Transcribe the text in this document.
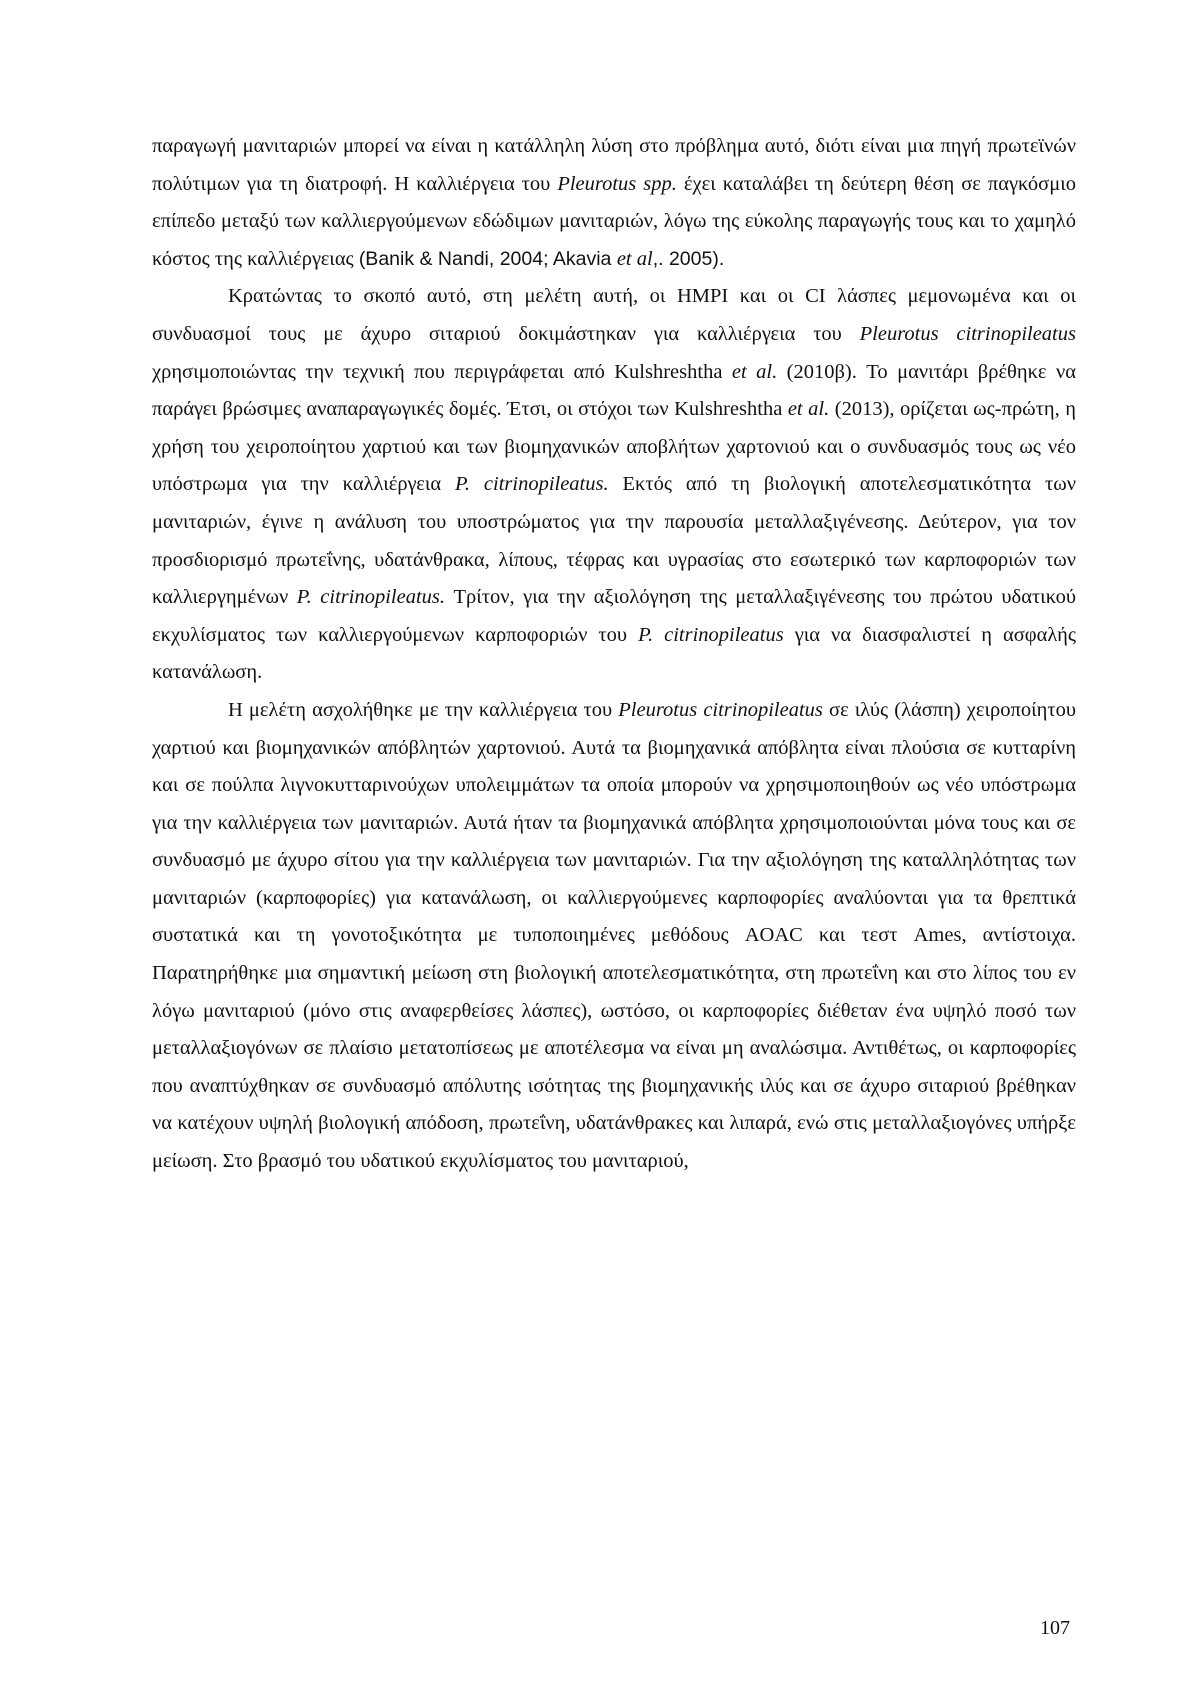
παραγωγή μανιταριών μπορεί να είναι η κατάλληλη λύση στο πρόβλημα αυτό, διότι είναι μια πηγή πρωτεϊνών πολύτιμων για τη διατροφή. Η καλλιέργεια του Pleurotus spp. έχει καταλάβει τη δεύτερη θέση σε παγκόσμιο επίπεδο μεταξύ των καλλιεργούμενων εδώδιμων μανιταριών, λόγω της εύκολης παραγωγής τους και το χαμηλό κόστος της καλλιέργειας (Banik & Nandi, 2004; Akavia et al,. 2005).

Κρατώντας το σκοπό αυτό, στη μελέτη αυτή, οι HMPI και οι CI λάσπες μεμονωμένα και οι συνδυασμοί τους με άχυρο σιταριού δοκιμάστηκαν για καλλιέργεια του Pleurotus citrinopileatus χρησιμοποιώντας την τεχνική που περιγράφεται από Kulshreshtha et al. (2010β). Το μανιτάρι βρέθηκε να παράγει βρώσιμες αναπαραγωγικές δομές. Έτσι, οι στόχοι των Kulshreshtha et al. (2013), ορίζεται ως-πρώτη, η χρήση του χειροποίητου χαρτιού και των βιομηχανικών αποβλήτων χαρτονιού και ο συνδυασμός τους ως νέο υπόστρωμα για την καλλιέργεια P. citrinopileatus. Εκτός από τη βιολογική αποτελεσματικότητα των μανιταριών, έγινε η ανάλυση του υποστρώματος για την παρουσία μεταλλαξιγένεσης. Δεύτερον, για τον προσδιορισμό πρωτεΐνης, υδατάνθρακα, λίπους, τέφρας και υγρασίας στο εσωτερικό των καρποφοριών των καλλιεργημένων P. citrinopileatus. Τρίτον, για την αξιολόγηση της μεταλλαξιγένεσης του πρώτου υδατικού εκχυλίσματος των καλλιεργούμενων καρποφοριών του P. citrinopileatus για να διασφαλιστεί η ασφαλής κατανάλωση.

Η μελέτη ασχολήθηκε με την καλλιέργεια του Pleurotus citrinopileatus σε ιλύς (λάσπη) χειροποίητου χαρτιού και βιομηχανικών απόβλητών χαρτονιού. Αυτά τα βιομηχανικά απόβλητα είναι πλούσια σε κυτταρίνη και σε πούλπα λιγνοκυτταρινούχων υπολειμμάτων τα οποία μπορούν να χρησιμοποιηθούν ως νέο υπόστρωμα για την καλλιέργεια των μανιταριών. Αυτά ήταν τα βιομηχανικά απόβλητα χρησιμοποιούνται μόνα τους και σε συνδυασμό με άχυρο σίτου για την καλλιέργεια των μανιταριών. Για την αξιολόγηση της καταλληλότητας των μανιταριών (καρποφορίες) για κατανάλωση, οι καλλιεργούμενες καρποφορίες αναλύονται για τα θρεπτικά συστατικά και τη γονοτοξικότητα με τυποποιημένες μεθόδους AOAC και τεστ Ames, αντίστοιχα. Παρατηρήθηκε μια σημαντική μείωση στη βιολογική αποτελεσματικότητα, στη πρωτεΐνη και στο λίπος του εν λόγω μανιταριού (μόνο στις αναφερθείσες λάσπες), ωστόσο, οι καρποφορίες διέθεταν ένα υψηλό ποσό των μεταλλαξιογόνων σε πλαίσιο μετατοπίσεως με αποτέλεσμα να είναι μη αναλώσιμα. Αντιθέτως, οι καρποφορίες που αναπτύχθηκαν σε συνδυασμό απόλυτης ισότητας της βιομηχανικής ιλύς και σε άχυρο σιταριού βρέθηκαν να κατέχουν υψηλή βιολογική απόδοση, πρωτεΐνη, υδατάνθρακες και λιπαρά, ενώ στις μεταλλαξιογόνες υπήρξε μείωση. Στο βρασμό του υδατικού εκχυλίσματος του μανιταριού,

107
